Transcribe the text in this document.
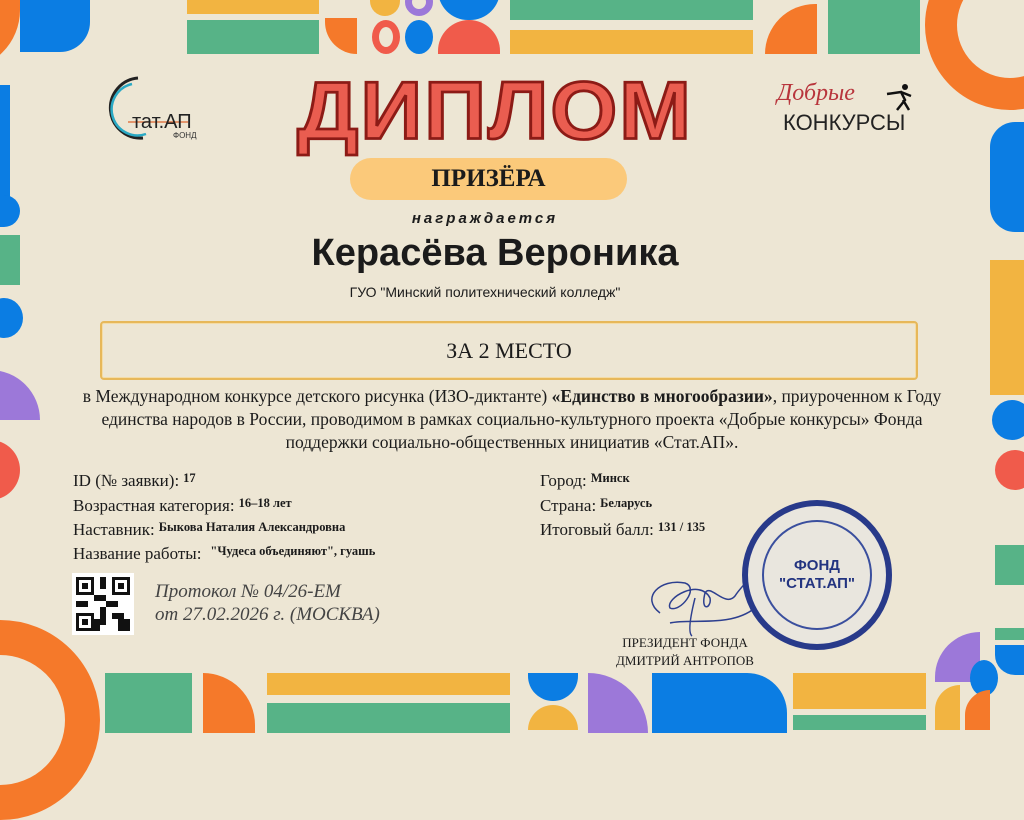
тат.АП
ФОНД
Добрые
КОНКУРСЫ
ДИПЛОМ
ПРИЗЁРА
награждается
Керасёва Вероника
ГУО "Минский политехнический колледж"
ЗА 2 МЕСТО
в Международном конкурсе детского рисунка (ИЗО-диктанте) «Единство в многообразии», приуроченном к Году единства народов в России, проводимом в рамках социально-культурного проекта «Добрые конкурсы» Фонда поддержки социально-общественных инициатив «Стат.АП».
ID (№ заявки): $^{17}$
Возрастная категория: $^{16-18 лет}$
Наставник: $^{Быкова Наталия Александровна}$
Название работы: $^{"Чудеса объединяют", гуашь}$
Город: $^{Минск}$
Страна: $^{Беларусь}$
Итоговый балл: $^{131 / 135}$
Протокол № 04/26-ЕМ
от 27.02.2026 г. (МОСКВА)
ФОНД
"СТАТ.АП"
ПРЕЗИДЕНТ ФОНДА
ДМИТРИЙ АНТРОПОВ
